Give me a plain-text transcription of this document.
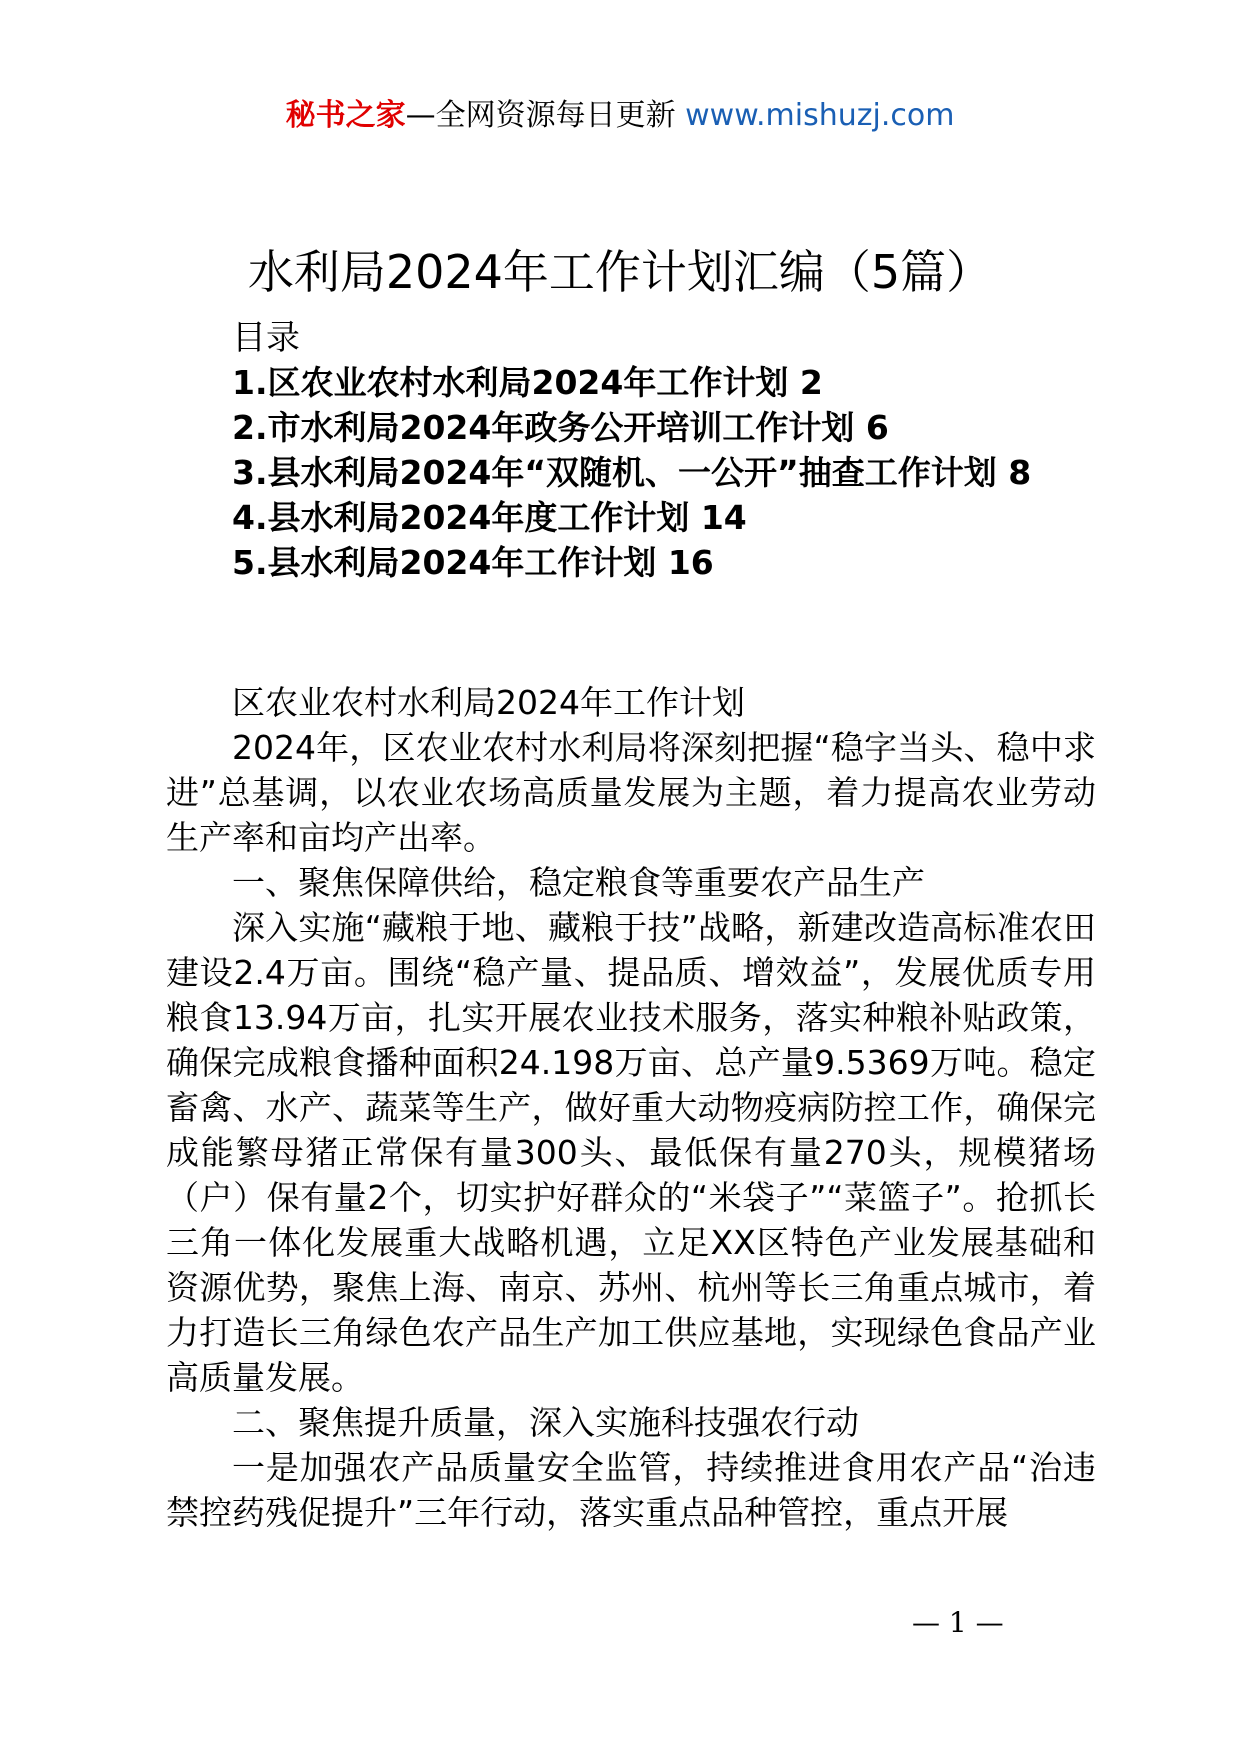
秘书之家—全网资源每日更新 www.mishuzj.com
水利局2024年工作计划汇编（5篇）
目录
1.区农业农村水利局2024年工作计划 2
2.市水利局2024年政务公开培训工作计划 6
3.县水利局2024年“双随机、一公开”抽查工作计划 8
4.县水利局2024年度工作计划 14
5.县水利局2024年工作计划 16

区农业农村水利局2024年工作计划

2024年，区农业农村水利局将深刻把握“稳字当头、稳中求进”总基调，以农业农场高质量发展为主题，着力提高农业劳动生产率和亩均产出率。

一、聚焦保障供给，稳定粮食等重要农产品生产

深入实施“藏粮于地、藏粮于技”战略，新建改造高标准农田建设2.4万亩。围绕“稳产量、提品质、增效益”，发展优质专用粮食13.94万亩，扎实开展农业技术服务，落实种粮补贴政策，确保完成粮食播种面积24.198万亩、总产量9.5369万吨。稳定畜禽、水产、蔬菜等生产，做好重大动物疫病防控工作，确保完成能繁母猪正常保有量300头、最低保有量270头，规模猪场（户）保有量2个，切实护好群众的“米袋子”“菜篮子”。抢抓长三角一体化发展重大战略机遇，立足XX区特色产业发展基础和资源优势，聚焦上海、南京、苏州、杭州等长三角重点城市，着力打造长三角绿色农产品生产加工供应基地，实现绿色食品产业高质量发展。

二、聚焦提升质量，深入实施科技强农行动

一是加强农产品质量安全监管，持续推进食用农产品“治违禁控药残促提升”三年行动，落实重点品种管控，重点开展

— 1 —
